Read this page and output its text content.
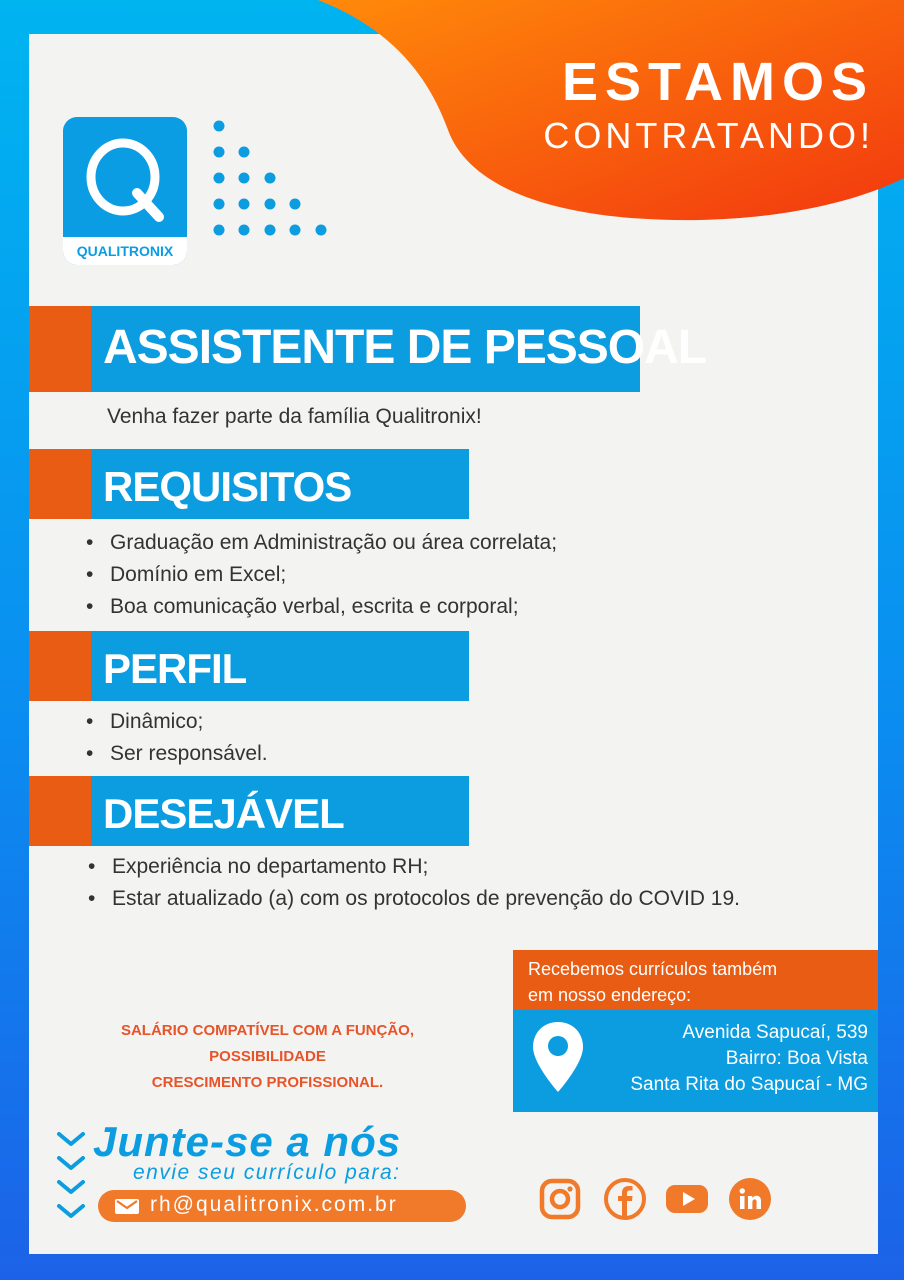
ESTAMOS
CONTRATANDO!
QUALITRONIX
ASSISTENTE DE PESSOAL
Venha fazer parte da família Qualitronix!
REQUISITOS
• Graduação em Administração ou área correlata;
• Domínio em Excel;
• Boa comunicação verbal, escrita e corporal;
PERFIL
• Dinâmico;
• Ser responsável.
DESEJÁVEL
• Experiência no departamento RH;
• Estar atualizado (a) com os protocolos de prevenção do COVID 19.
SALÁRIO COMPATÍVEL COM A FUNÇÃO,
POSSIBILIDADE
CRESCIMENTO PROFISSIONAL.
Recebemos currículos também
em nosso endereço:
Avenida Sapucaí, 539
Bairro: Boa Vista
Santa Rita do Sapucaí - MG
Junte-se a nós
envie seu currículo para:
rh@qualitronix.com.br
